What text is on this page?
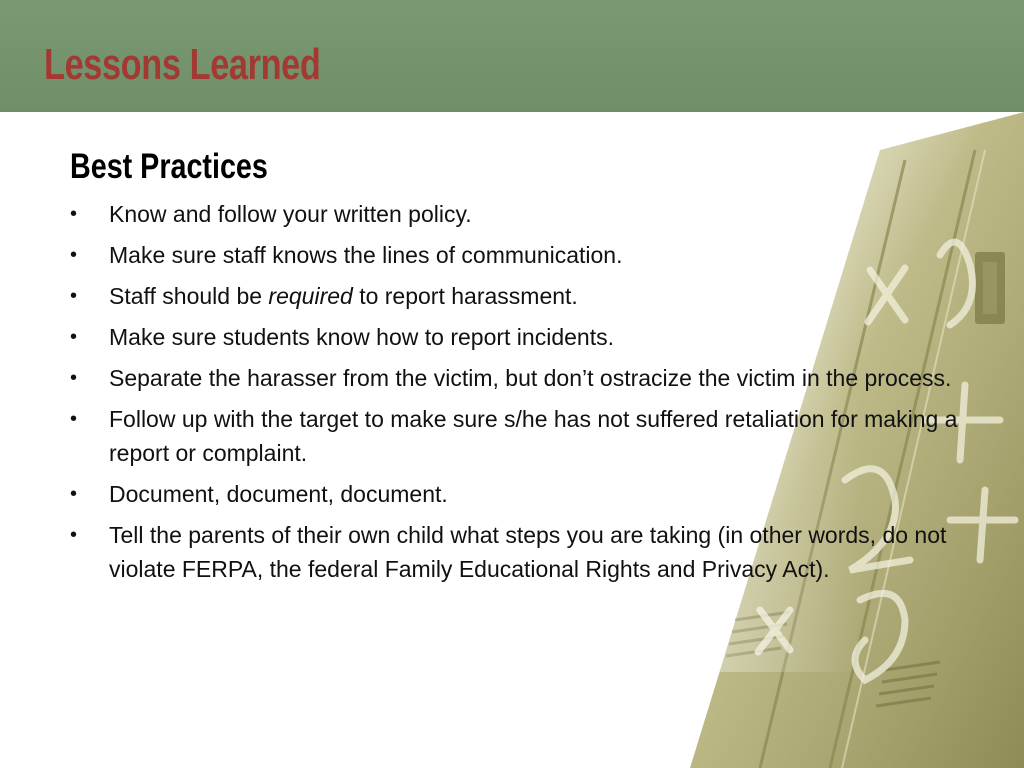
Lessons Learned
Best Practices
• Know and follow your written policy.
• Make sure staff knows the lines of communication.
• Staff should be required to report harassment.
• Make sure students know how to report incidents.
• Separate the harasser from the victim, but don’t ostracize the victim in the process.
• Follow up with the target to make sure s/he has not suffered retaliation for making a report or complaint.
• Document, document, document.
• Tell the parents of their own child what steps you are taking (in other words, do not violate FERPA, the federal Family Educational Rights and Privacy Act).
